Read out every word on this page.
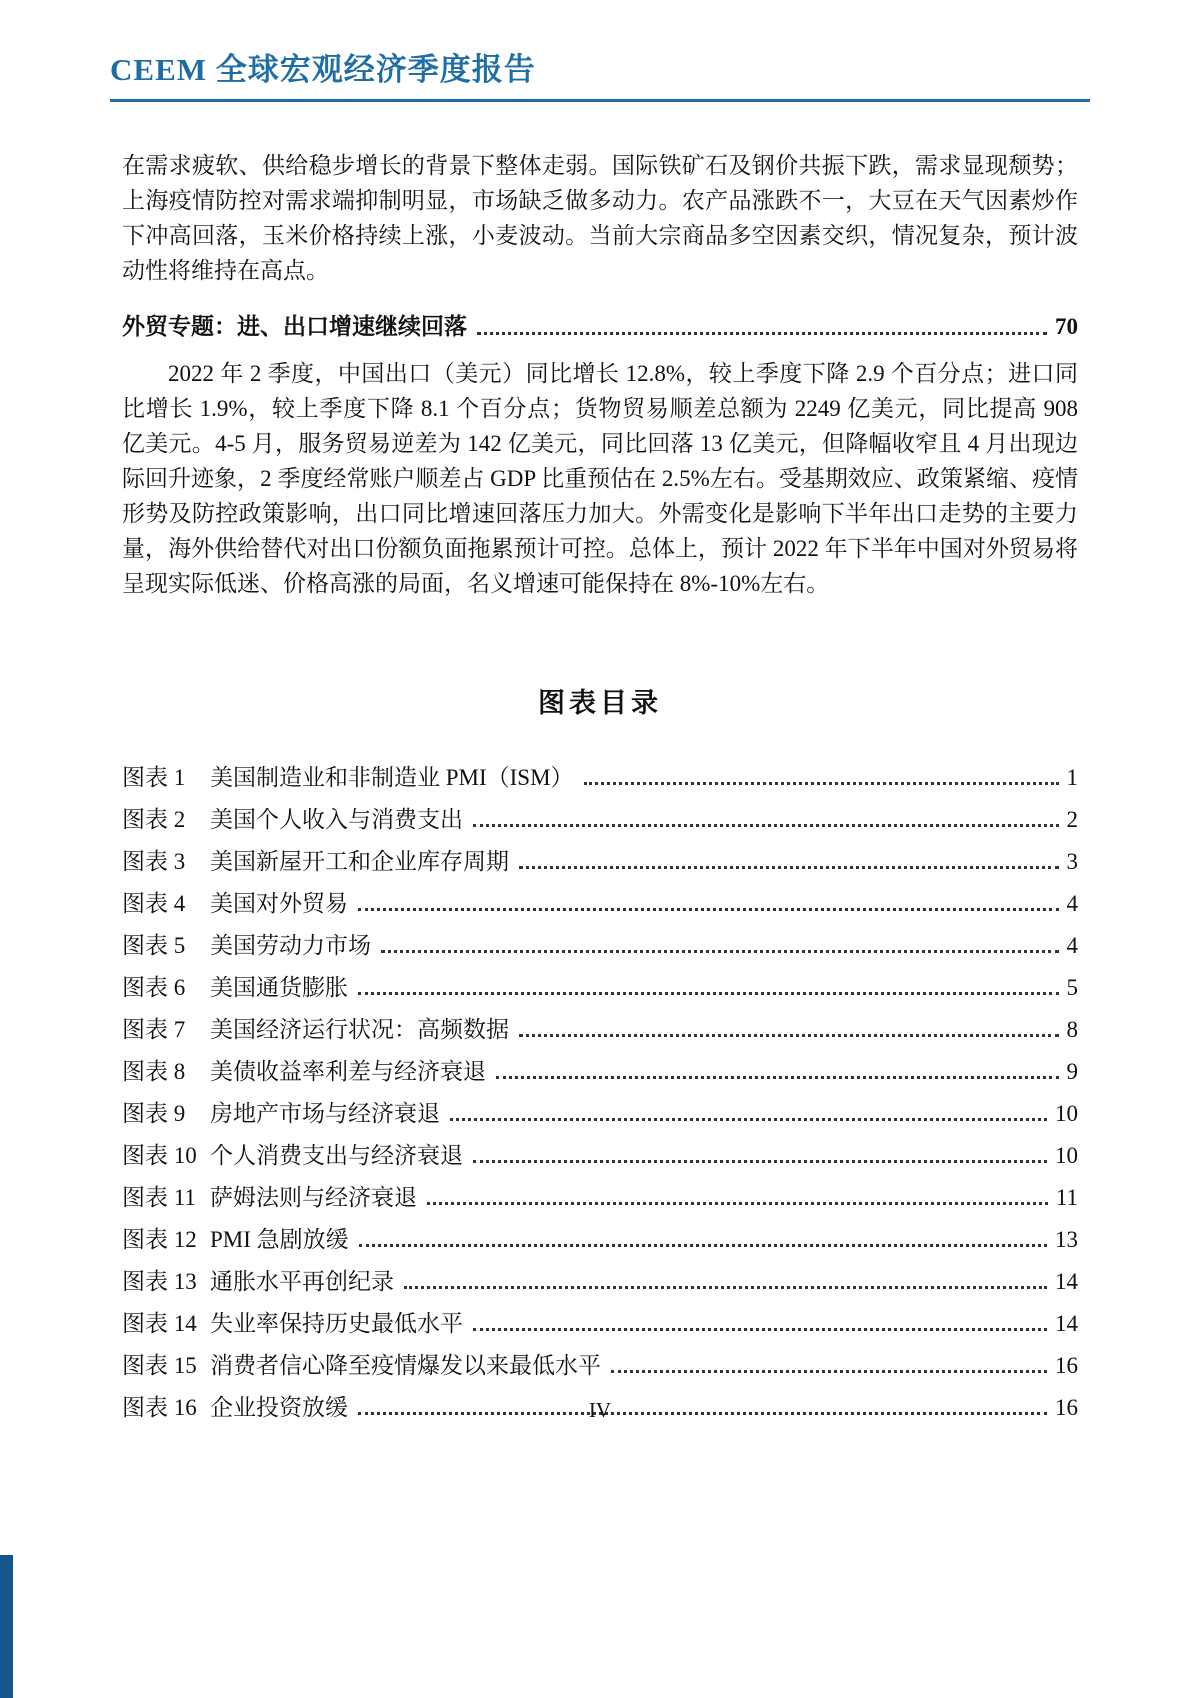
CEEM 全球宏观经济季度报告

在需求疲软、供给稳步增长的背景下整体走弱。国际铁矿石及钢价共振下跌，需求显现颓势；上海疫情防控对需求端抑制明显，市场缺乏做多动力。农产品涨跌不一，大豆在天气因素炒作下冲高回落，玉米价格持续上涨，小麦波动。当前大宗商品多空因素交织，情况复杂，预计波动性将维持在高点。

外贸专题：进、出口增速继续回落	70

2022 年 2 季度，中国出口（美元）同比增长 12.8%，较上季度下降 2.9 个百分点；进口同比增长 1.9%，较上季度下降 8.1 个百分点；货物贸易顺差总额为 2249 亿美元，同比提高 908 亿美元。4-5 月，服务贸易逆差为 142 亿美元，同比回落 13 亿美元，但降幅收窄且 4 月出现边际回升迹象，2 季度经常账户顺差占 GDP 比重预估在 2.5%左右。受基期效应、政策紧缩、疫情形势及防控政策影响，出口同比增速回落压力加大。外需变化是影响下半年出口走势的主要力量，海外供给替代对出口份额负面拖累预计可控。总体上，预计 2022 年下半年中国对外贸易将呈现实际低迷、价格高涨的局面，名义增速可能保持在 8%-10%左右。

图表目录
图表 1	美国制造业和非制造业 PMI（ISM）	1
图表 2	美国个人收入与消费支出	2
图表 3	美国新屋开工和企业库存周期	3
图表 4	美国对外贸易	4
图表 5	美国劳动力市场	4
图表 6	美国通货膨胀	5
图表 7	美国经济运行状况：高频数据	8
图表 8	美债收益率利差与经济衰退	9
图表 9	房地产市场与经济衰退	10
图表 10 个人消费支出与经济衰退	10
图表 11 萨姆法则与经济衰退	11
图表 12 PMI 急剧放缓	13
图表 13 通胀水平再创纪录	14
图表 14 失业率保持历史最低水平	14
图表 15 消费者信心降至疫情爆发以来最低水平	16
图表 16 企业投资放缓	16
IV
